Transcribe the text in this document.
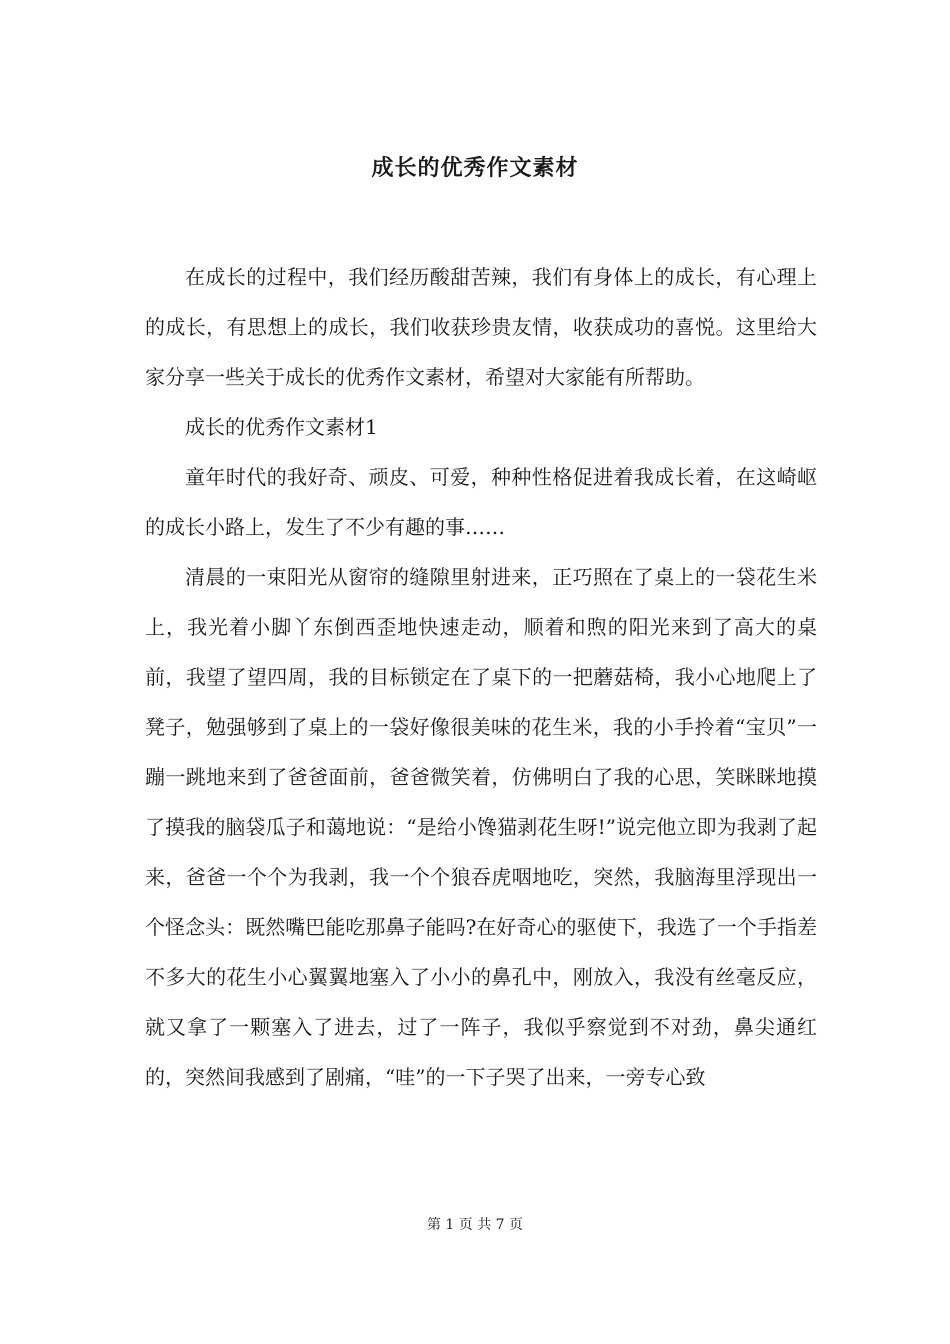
成长的优秀作文素材

在成长的过程中，我们经历酸甜苦辣，我们有身体上的成长，有心理上的成长，有思想上的成长，我们收获珍贵友情，收获成功的喜悦。这里给大家分享一些关于成长的优秀作文素材，希望对大家能有所帮助。

成长的优秀作文素材1

童年时代的我好奇、顽皮、可爱，种种性格促进着我成长着，在这崎岖的成长小路上，发生了不少有趣的事……

清晨的一束阳光从窗帘的缝隙里射进来，正巧照在了桌上的一袋花生米上，我光着小脚丫东倒西歪地快速走动，顺着和煦的阳光来到了高大的桌前，我望了望四周，我的目标锁定在了桌下的一把蘑菇椅，我小心地爬上了凳子，勉强够到了桌上的一袋好像很美味的花生米，我的小手拎着“宝贝”一蹦一跳地来到了爸爸面前，爸爸微笑着，仿佛明白了我的心思，笑眯眯地摸了摸我的脑袋瓜子和蔼地说：“是给小馋猫剥花生呀!”说完他立即为我剥了起来，爸爸一个个为我剥，我一个个狼吞虎咽地吃，突然，我脑海里浮现出一个怪念头：既然嘴巴能吃那鼻子能吗?在好奇心的驱使下，我选了一个手指差不多大的花生小心翼翼地塞入了小小的鼻孔中，刚放入，我没有丝毫反应，就又拿了一颗塞入了进去，过了一阵子，我似乎察觉到不对劲，鼻尖通红的，突然间我感到了剧痛，“哇”的一下子哭了出来，一旁专心致

第 1 页 共 7 页
